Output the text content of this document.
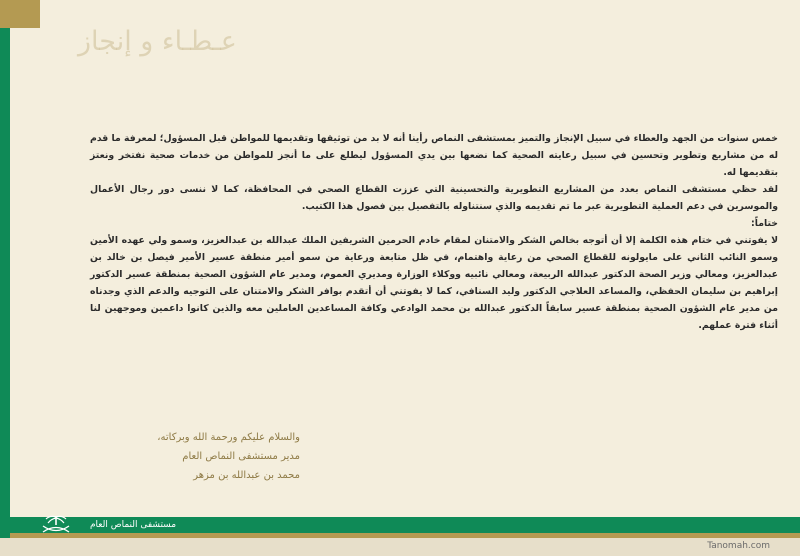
عـطـاء و إنجاز

خمس سنوات من الجهد والعطاء في سبيل الإنجاز والتميز بمستشفى النماص رأينا أنه لا بد من توثيقها وتقديمها للمواطن قبل المسؤول؛ لمعرفة ما قدم له من مشاريع وتطوير وتحسين في سبيل رعايته الصحية كما نضعها بين يدي المسؤول ليطلع على ما أنجز للمواطن من خدمات صحية نفتخر ونعتز بتقديمها له.

لقد حظي مستشفى النماص بعدد من المشاريع التطويرية والتحسينية التي عززت القطاع الصحي في المحافظة، كما لا ننسى دور رجال الأعمال والموسرين في دعم العملية التطويرية عبر ما تم تقديمه والذي سنتناوله بالتفصيل بين فصول هذا الكتيب.

ختاماً:

لا يفوتني في ختام هذه الكلمة إلا أن أتوجه بخالص الشكر والامتنان لمقام خادم الحرمين الشريفين الملك عبدالله بن عبدالعزيز، وسمو ولي عهده الأمين وسمو النائب الثاني على مايولونه للقطاع الصحي من رعاية واهتمام، في ظل متابعة ورعاية من سمو أمير منطقة عسير الأمير فيصل بن خالد بن عبدالعزيز، ومعالي وزير الصحة الدكتور عبدالله الربيعة، ومعالي نائبيه ووكلاء الوزارة ومديري العموم، ومدير عام الشؤون الصحية بمنطقة عسير الدكتور إبراهيم بن سليمان الحفظي، والمساعد العلاجي الدكتور وليد السنافي، كما لا يفوتني أن أتقدم بوافر الشكر والامتنان على التوجيه والدعم الذي وجدناه من مدير عام الشؤون الصحية بمنطقة عسير سابقاً الدكتور عبدالله بن محمد الوادعي وكافة المساعدين العاملين معه والذين كانوا داعمين وموجهين لنا أثناء فترة عملهم.

والسلام عليكم ورحمة الله وبركاته،
مدير مستشفى النماص العام
محمد بن عبدالله بن مزهر
مستشفى النماص العام
Tanomah.com
